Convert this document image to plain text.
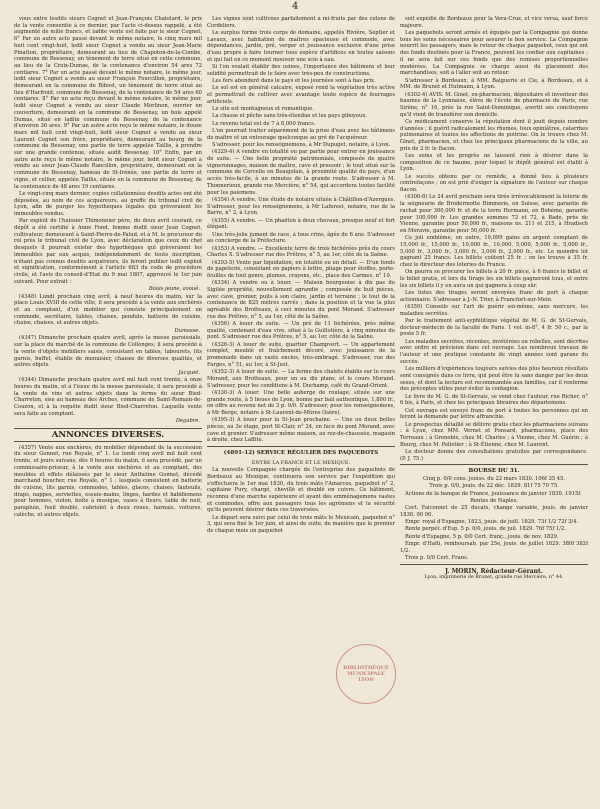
4

vous entre lesdits sieurs Cognet et Jean-François Chatelard, le prix de la vente consentie à ce dernier, par l'acte ci-dessus rappelé, a été augmenté de mille francs, et ladite vente est faite par le sieur Cognet, 6° Par un autre acte passé devant le même notaire, le cinq mars mil huit cent vingt-huit, ledit sieur Cognet a vendu au sieur Jean-Marie Pinatton, propriétaire, demeurant au lieu de Chapoton-de-la-Combe, commune de Bessenay, un tènement de terre situé en cette commune, au lieu de la Croix-Dumas, de la contenance d'environ 54 ares 72 centiares. 7° Par un acte passé devant le même notaire, le même jour, ledit sieur Cognet a vendu au sieur François Fourcillon, propriétaire, demeurant en la commune de Bibost, un tènement de terre situé au lieu d'Harfroid, commune de Bessenay, de la contenance de 54 ares 60 centiares. 8° Par un acte reçu devant le même notaire, le même jour, ledit sieur Cognet a vendu au sieur Claude Morlinon, ouvrier en couverture, demeurant en la commune de Bessenay, un bois appelé Dumas, situé en ladite commune de Bessenay, de la contenance d'environ 36 ares. 9° Par un autre acte reçu le même notaire, le douze mars mil huit cent vingt-huit, ledit sieur Cognet a vendu au sieur Laurent Cognet son frère, propriétaire, demeurant au bourg de la commune de Bessenay, une partie de terre appelée Taillis, à prendre sur une grande contenue, située audit Bessenay. 10° Enfin, par un autre acte reçu le même notaire, le même jour, ledit sieur Cognet a vendu au sieur Jean-Claude Rancillon, propriétaire, demeurant en la commune de Bessenay, hameau de St-Irénée, une partie de terre et vigne, et cellier, appelée Taillis, située en la commune de Bessenay, de la contenance de 48 ares 19 centiares.

Le vingt-cinq mars dernier, copies collationnées desdits actes ont été déposées, au nom de ces acquéreurs, au greffe du tribunal civil de Lyon, afin de purger les hypothèques légales qui grèveraient les immeubles vendus.

Par exploit de l'huissier Thimonnier père, du deux avril courant, ce dépôt a été certifié à Anne Fond, femme dudit sieur Jean Cognet, cultivateur, demeurant à Saint-Pierre-de-Palud, et à M. le procureur du roi près le tribunal civil de Lyon, avec déclaration que ceux du chef desquels il pourrait exister des hypothèques qui grèveraient les immeubles par eux acquis, indépendamment de toute inscription, n'étant pas connus desdits acquéreurs, ils feront publier ledit exploit et signification, conformément à l'article 683 du code de procédure civile, et l'avis du conseil-d'Etat du 9 mai 1807, approuvé le 1er juin suivant. Pour extrait :

Bouis jeune, avoué.

(4348) Lundi prochain cinq avril, à neuf heures du matin, sur la place Louis XVIII de cette ville, il sera procédé à la vente aux enchères et au comptant, d'un mobilier qui consiste principalement en commode, secrétaire, tables, chaises, pendule, batterie de cuisine, chaise, chaises, et autres objets.

Dumasse.

(4347) Dimanche prochain quatre avril, après la messe paroissiale, sur la place du marché de la commune de Collonges, il sera procédé à la vente d'objets mobiliers saisis, consistant en tables, tabourets, lits garnis, buffet, établis de menuisier, chaises de diverses qualités, et autres objets.

Jacquet.

(4344) Dimanche prochain quatre avril mil huit cent trente, à onze heures du matin, et à l'issue de la messe paroissiale, il sera procédé à la vente de vins et autres objets dans la ferme du sieur Bied-Charreton, sise au hameau des Arches, commune de Saint-Romain-de-Couzon, et à la requête dudit sieur Bied-Charreton. Laquelle vente sera faite au comptant.

Degabre.
ANNONCES DIVERSES.

(4357) Vente aux enchères, du mobilier dépendant de la succession du sieur Gonnet, rue Royale, n° 1. Le lundi cinq avril mil huit cent trente, et jours suivans, dès 9 heures du matin, il sera procédé, par un commissaire-priseur, à la vente aux enchères et au comptant, des meubles et effets délaissés par le sieur Anthelme Gonnet, décédé marchand boucher, rue Royale, n° 1 ; lesquels consistent en batterie de cuisine, lits garnis, commodes, tables, glaces, chaises, fauteuils, draps, nappes, serviettes, essuie-mains, linges, hardes et habillemens pour hommes, violon, boîte à musique, vases à fleurs, table de nuit, parapluie, fusil double, cabriolet à deux roues, harnais, voitures, calèche, et autres objets.

Les vignes sont cultivées parfaitement à mi-fruits par des colons de Cordeliers.

Le surplus forme trois corps de domaine, appelés Rivière, Septier et Lavaux, avec habitation de maîtres spacieuse et commode, avec dépendances, jardin, pré, verger et jouissance exclusive d'une prise d'eau propre à faire tourner tous espèce d'artifices en toutes saisons et qui fait en ce moment mouvoir une scie à eau.

Si l'on voulait établir des usines, l'importance des bâtimens et leur solidité permettrait de le faire avec très-peu de constructions.

Les fers abondent dans le pays et les journées sont à bas prix.

Le sol est en général calcaire, exposé rend la végétation très active et permettrait de cultiver avec avantage toute espèce de fourrages artificiels.

Le site est montagneux et romantique.

La chasse et pêche sans très-étendue et les pays giboyeux.

Le revenu total est de 7 à 8,000 francs.

L'on pourrait traiter séparément de la prise d'eau avec les bâtimens de maître et un entourage quelconque au gré de l'acquéreur.

S'adresser, pour les renseignemens, à Mr Dupuget, notaire, à Lyon.

(4329-4) A vendre en totalité ou par partie pour entrer en jouissance de suite. — Une belle propriété patrimoniale, composée de quatre vigneronnages, maison de maître, cave et pressoir ; le tout situé sur la commune de Cercelle en Beaujolais, à proximité qualité du pays, d'un accès très-facile, à un minutes de la grande route. S'adresser à M. Thonnerieux, grande rue Mercière, n° 54, qui accordera toutes facilité pour les paiemens.

(4354) A vendre. Une étude de notaire située à Châtillon-d'Azergues. S'adresser, pour les renseignemens, à Mr Laforest, notaire, rue de la Barre, n° 2, à Lyon.

(4355) A vendre. — Un phaëton à deux chevaux, presque neuf et fort élégant.

Une très-jolie jument de race, à tous crins, âgée de 6 ans. S'adresser au concierge de la Préfecture.

(4353) A vendre. — Excellente terre de trois bichérées près du cours Charles X. S'adresser rue des Prêtres, n° 5, au 1er, côté de la Saône.

(4293-5) Vente par liquidation, en totalité ou en détail. — D'un fonds de papeterie, consistant en papiers à lettre, pliage pour étoffes, porte-feuilles de tout genre, plumes, crayons, etc., place des Carmes, n° 10.

(4334) A vendre ou à louer. — Maison bourgeoise à dix pas du Sigilée proprièté, nouvellement agrandie ; composée de huit pièces, avec cave, grenier, puits à son claire, jardin et terraine ; le tout de la contenance de 825 mètres carrés ; dans la position et la vue la plus agréable des Brotteaux, à ceci minutes du pont Morand. S'adresser rue des Prêtres, n° 5, au 1er, côté de la Saône.

(4356) A louer de suite. — Un pré de 11 bichérées, près même qualité, contenant d'eau vive, situé à la Guillotière, à cinq minutes du pont. S'adresser rue des Prêtres, n° 5, au 1er, côté de la Saône.

(4326-3) A louer de suite, quartier Champvert. — Un appartement complet, meublé et fraîchement décoré, avec jouissance de la promenade dans un vaste enclos, très-ombragé. S'adresser, rue des Farges, n° 51, au 1er, à St-Just.

(4352-3) A louer de suite. — La ferme des chalets établis sur le cours Morand, aux Brotteaux, pour un ou dix plans, et le cours Morand. S'adresser, pour les conditions à M. Duchamp, café du Grand-Orient.

(4330-3) A louer. Une belle auberge de roulage, située sur une grande route, à 5 lieues de Lyon, bonne par bail authentique, 1,800 fr., on offre au revenu net de 3 p. 0/0. S'adresser, pour les renseignemens, à Mr Berge, notaire à St-Laurent-de-Mûres (Isère).

(4395-3) A louer pour la St-Jean prochaine. — Une ou deux belles pièces, au 3e étage, port St-Clair, n° 24, en face du pont Morand, avec cave et grenier. S'adresser même maison, au rez-de-chaussée, magasin à droite, chez Laffite.

(4891-12) SERVICE RÉGULIER DES PAQUEBOTS
ENTRE LA FRANCE ET LE MEXIQUE.

La nouvelle Compagnie chargée de l'entreprise des paquebots de Bordeaux au Mexique, continuera son service par l'expédition qui s'effectuera le 1er mai 1830, du trois mâts l'Amarcos, paquebot n° 2, capitaine Pury, chargé, chevillé et doublé en cuivre. Ce bâtiment, reconnu d'une marche supérieure et ayant des emménagemens vastes et commodes, offre aux passagers tous les agrémens et la sécurité qu'ils peuvent désirer dans ces traversées.

Le départ sera suivi par celui de trois mâts le Mexicain, paquebot n° 3, qui sera fixé le 1er juin, et ainsi de suite, de manière que le premier de chaque mois un paquebot

soit expédié de Bordeaux pour la Vera-Cruz, et vice versa, sauf force majeure.

Les paquebots seront armés et équipés par la Compagnie qui donne tous les soins nécessaires pour assurer le bon service. La Compagnie nourrit les passagers, mais le retour de chaque paquebot, ceux qui ont des fonds destinés pour la France, peuvent les confier aux capitaines ; il ne sera fait sur ces fonds que des remises proportionnelles modérées. La Compagnie se charge aussi du placement des marchandises, soit à l'aller soit au retour.

S'adresser à Bordeaux, à MM. Balguerie et Cie, à Bordeaux, et à MM. de Brunet et Hutmann, à Lyon.

(4302-4) AVIS. M. Ginet, ex-pharmacien, dépositaire et inventeur des baumes de la Lyonnaise, élève de l'école de pharmacie de Paris, rue Sirène, n° 16, près la rue Saint-Dominique, avertit ses concitoyens qu'il vient de transférer son domicile.

Ce médicament conserve la réputation dont il jouit depuis nombre d'années ; il guérit radicalement les rhumes, toux opiniâtres, catarrhes pulmonaires et toutes les affections de poitrine. On le trouve chez M. Ginet, pharmacien, et chez les principaux pharmaciens de la ville, au prix de 2 fr. le flacon.

Les soins et les progrès ne laissent rien à désirer dans la composition de ce baume, pour lequel le dépôt général est établi à Lyon.

Le succès obtenu par ce remède, a donné lieu à plusieurs contrefaçons ; on est prié d'exiger la signature de l'auteur sur chaque flacon.

(4300-8) Le 24 avril prochain sera tirée irrévocablement la loterie de la seigneurie de Brodermotte Rimmeris, en Suisse, avec garantie de rachat pour 300,000 fr. et de la terre Hermann, en Bohème, garantie pour 100,000 fr. Les grandes sommes 72 et 72, à Bade, près de Vienne, garantie pour 50,000 fr., maisons ns. 211 et 215, à Hradisch en Moravie, garantie pour 50,000 fr.

Ce joli emblème, on outre, 19,099 gains en argent comptant de 15,000 fr., 15,000 fr., 10,000 fr., 10,000, 5,000, 5,000 fr., 5,000 fr., 5,000 fr., 3,000 fr., 3,000 fr., 3,000 fr., 2,000 fr., etc. Le moindre lot gagnant 25 francs. Les billets coûtent 25 fr. ; on les trouve à 35 fr. chez le directeur des loteries de France.

On pourra se procurer les billets à 20 fr. pièce, à 6 francs le billet et le billet gratis, et lors du tirage les six billets gagneront tous, et entre les six billets il y en aura un qui gagnera à coup sûr.

Les listes des tirages seront envoyées franc de port à chaque actionnaire. S'adresser à J.-N. Trier, à Francfort-sur-Mein.

(4359) Conseils sur l'art de guérir soi-même, sans mercure, les maladies secrètes.

Par le traitement anti-syphilitique végétal de M. G. de St-Gervais, docteur-médecin de la faculté de Paris. 1 vol. in-8°, 4 fr. 50 c., par la poste 5 fr.

Les maladies secrètes, récentes, invétérées ou rebelles, sont décrites avec ordre et précision dans cet ouvrage. Les nombreux travaux de l'auteur et une pratique constante de vingt années sont garans du succès.

Les milliers d'expériences toujours suivies des plus heureux résultats sont consignés dans ce livre, qui peut être lu sans danger par les deux sexes, et dont la lecture est recommandée aux familles, car il renferme des préceptes utiles pour éviter la contagion.

Le livre de M. G. de St-Gervais, se vend chez l'auteur, rue Richer, n° 6 bis, à Paris, et chez les principaux libraires des départemens.

Cet ouvrage est envoyé franc de port à toutes les personnes qui en feront la demande par lettre affranchie.

Le prospectus détaillé se délivre gratis chez les pharmaciens suivans : à Lyon, chez MM. Vernet et Ponsard, pharmaciens, place des Terreaux ; à Grenoble, chez M. Charles ; à Vienne, chez M. Guérin ; à Bourg, chez M. Pelletier ; à St-Étienne, chez M. Laurent.

Le docteur donne des consultations gratuites par correspondance. (P. J. 75.)

BOURSE DU 31.

Cinq p. 0/0 cons. jouiss. du 22 mars 1830. 106f 35 45.

Trois p. 0/0, jouis. du 22 déc. 1829. 81f 75 70 75.

Actions de la banque de France, jouissance de janvier 1830. 1915f.

Rentes de Naples.

Cert. Falconnet de 25 ducats, change variable, jouis. de janvier 1830. 90 90.

Empr. royal d'Espagne, 1823, jouis. de juill. 1829. 73f 1/2 72f 3/4.

Rente perpét. d'Esp. 5 p. 0/0, jouis. de juil. 1829. 76f 75f 1/2.

Rente d'Espagne, 5 p. 0/0 Cert. franç., jouis. de nov. 1829.

Empr. d'Haïti, remboursab. par 25e, jouis. de juillet 1829. 380f 382f 1/2.

Trois p. 0/0 Cert. Frans.

J. MORIN, Rédacteur-Gérant.
Lyon, imprimerie de Brunet, grande rue Mercière, n° 44.
BIBLIOTHÈQUE
MUNICIPALE
LYON
